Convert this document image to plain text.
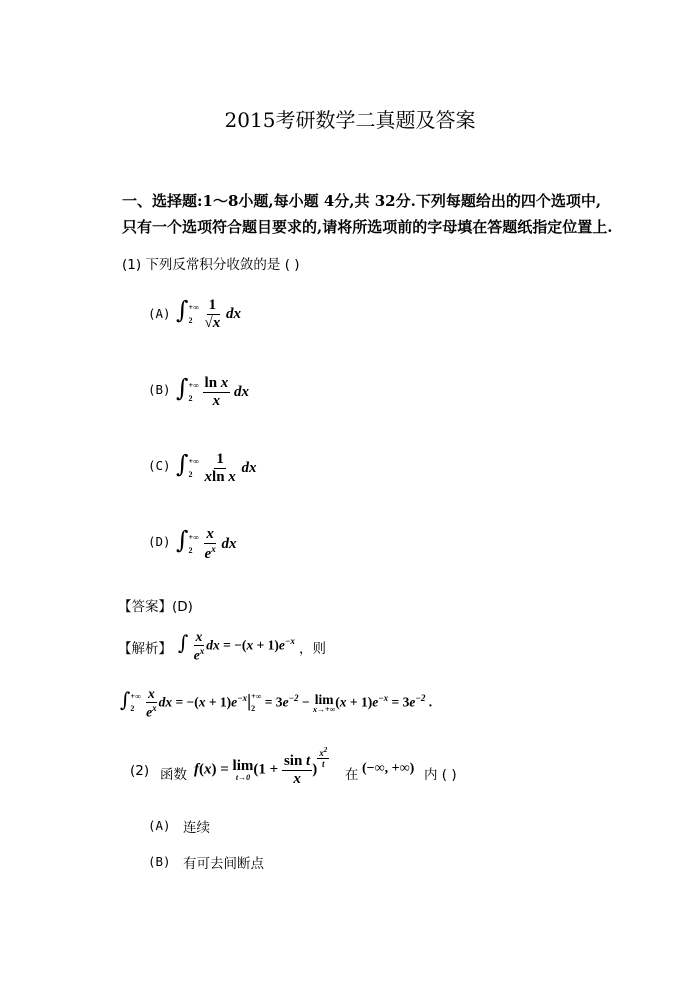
2015考研数学二真题及答案
一、选择题:1～8小题,每小题 4分,共 32分.下列每题给出的四个选项中,
只有一个选项符合题目要求的,请将所选项前的字母填在答题纸指定位置上.
(1) 下列反常积分收敛的是 ( )
(A) ∫ +∞
2
$\frac{1}{√x}$ dx
(B) ∫ +∞
2
$\frac{\text{ln x}}{x}$ dx
(C) ∫ +∞
2
$\frac{1}{\text{xln x}}$ dx
(D) ∫ +∞
2
$\frac{x}{e^x}$ dx
【答案】(D)
【解析】 ∫ $\frac{x}{e^x}$ dx = $-(x + 1)e^{-x}$
，则
∫ +∞
2
$\frac{x}{e^x}$ dx = $-(x + 1)e^{-x}|$ +∞
$2 = 3e^{-2} - \lim$
x→+∞
$(x + 1)e^{-x} = 3e^{-2}$ .
(2) 函数 f(x) = lim
t→0 ($1 + \frac{\text{sin t}}{x}$ )
$^{\frac{x^2}{t}}$
在 (−∞, +∞) 内 ( )
(A) 连续
(B) 有可去间断点
